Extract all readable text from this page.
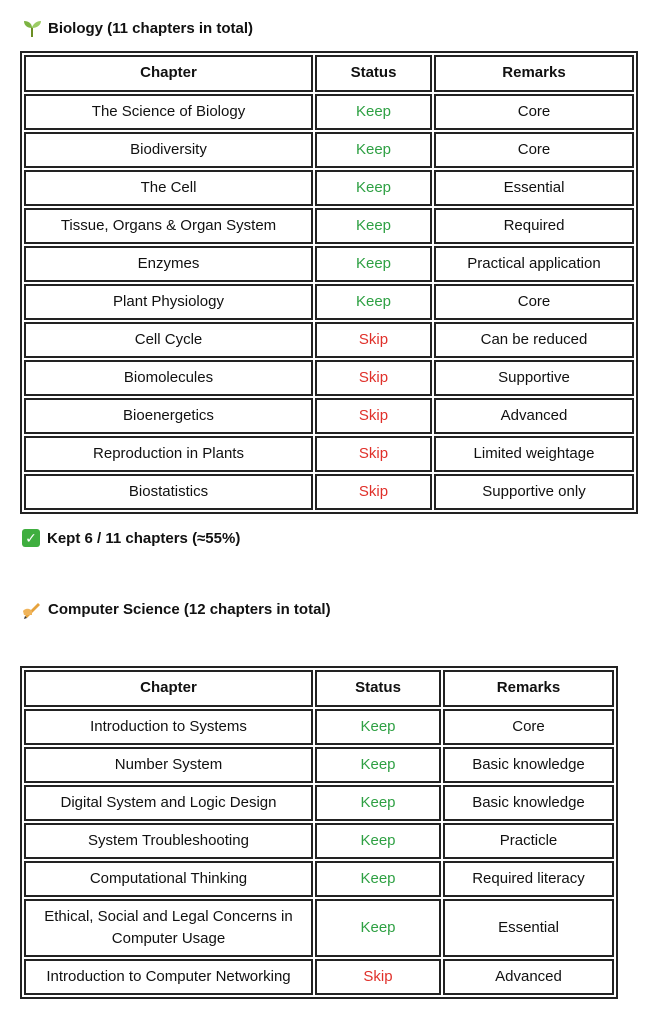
Biology (11 chapters in total)
Chapter	Status	Remarks
The Science of Biology	Keep	Core
Biodiversity	Keep	Core
The Cell	Keep	Essential
Tissue, Organs & Organ System	Keep	Required
Enzymes	Keep	Practical application
Plant Physiology	Keep	Core
Cell Cycle	Skip	Can be reduced
Biomolecules	Skip	Supportive
Bioenergetics	Skip	Advanced
Reproduction in Plants	Skip	Limited weightage
Biostatistics	Skip	Supportive only
✓ Kept 6 / 11 chapters (≈55%)
Computer Science (12 chapters in total)
Chapter	Status	Remarks
Introduction to Systems	Keep	Core
Number System	Keep	Basic knowledge
Digital System and Logic Design	Keep	Basic knowledge
System Troubleshooting	Keep	Practicle
Computational Thinking	Keep	Required literacy
Ethical, Social and Legal Concerns in Computer Usage	Keep	Essential
Introduction to Computer Networking	Skip	Advanced
